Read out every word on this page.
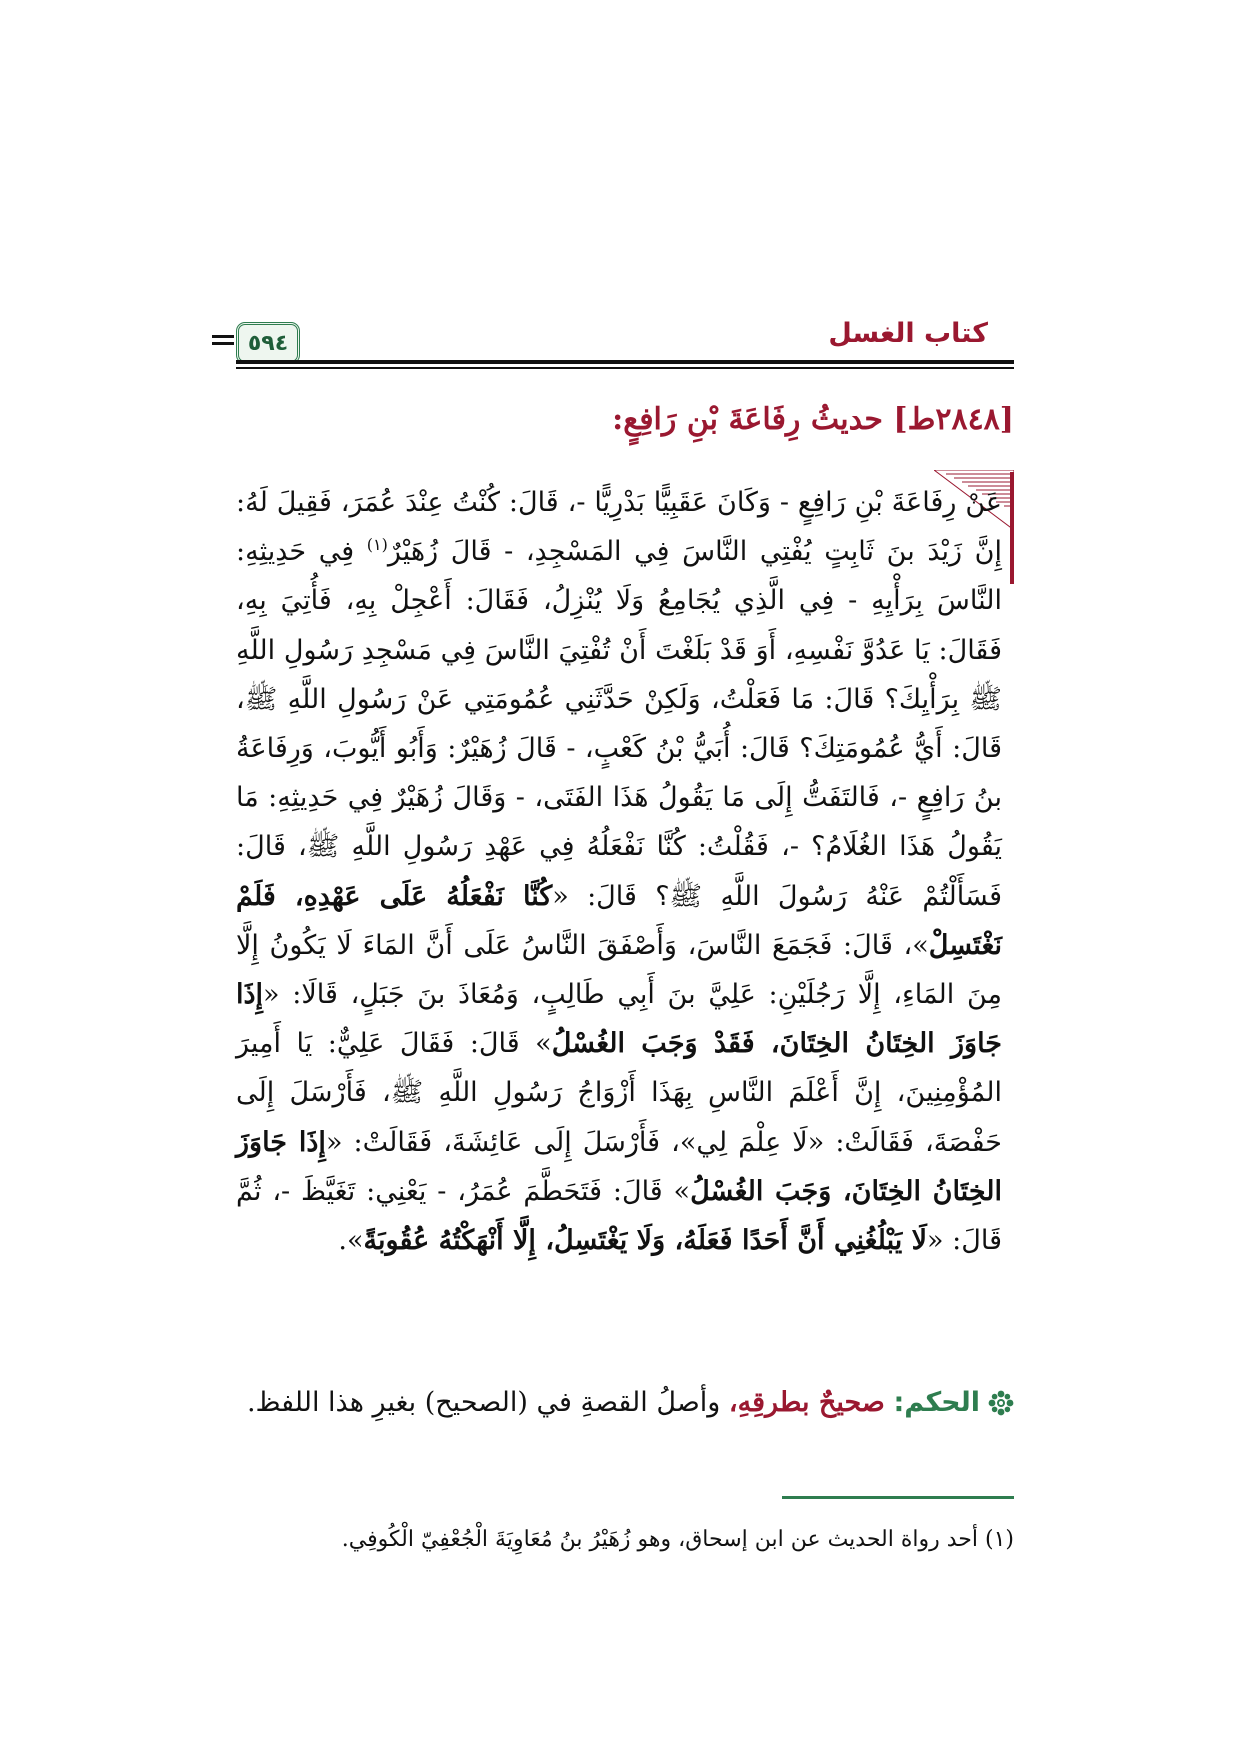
٥٩٤	كتاب الغسل
[٢٨٤٨ط] حديثُ رِفَاعَةَ بْنِ رَافِعٍ:
عَنْ رِفَاعَةَ بْنِ رَافِعٍ - وَكَانَ عَقَبِيًّا بَدْرِيًّا -، قَالَ: كُنْتُ عِنْدَ عُمَرَ، فَقِيلَ لَهُ: إِنَّ زَيْدَ بنَ ثَابِتٍ يُفْتِي النَّاسَ فِي المَسْجِدِ، - قَالَ زُهَيْرٌ$^{(١)}$ فِي حَدِيثِهِ: النَّاسَ بِرَأْيِهِ - فِي الَّذِي يُجَامِعُ وَلَا يُنْزِلُ، فَقَالَ: أَعْجِلْ بِهِ، فَأُتِيَ بِهِ، فَقَالَ: يَا عَدُوَّ نَفْسِهِ، أَوَ قَدْ بَلَغْتَ أَنْ تُفْتِيَ النَّاسَ فِي مَسْجِدِ رَسُولِ اللَّهِ ﷺ بِرَأْيِكَ؟ قَالَ: مَا فَعَلْتُ، وَلَكِنْ حَدَّثَنِي عُمُومَتِي عَنْ رَسُولِ اللَّهِ ﷺ، قَالَ: أَيُّ عُمُومَتِكَ؟ قَالَ: أُبَيُّ بْنُ كَعْبٍ، - قَالَ زُهَيْرٌ: وَأَبُو أَيُّوبَ، وَرِفَاعَةُ بنُ رَافِعٍ -، فَالتَفَتُّ إِلَى مَا يَقُولُ هَذَا الفَتَى، - وَقَالَ زُهَيْرٌ فِي حَدِيثِهِ: مَا يَقُولُ هَذَا الغُلَامُ؟ -، فَقُلْتُ: كُنَّا نَفْعَلُهُ فِي عَهْدِ رَسُولِ اللَّهِ ﷺ، قَالَ: فَسَأَلْتُمْ عَنْهُ رَسُولَ اللَّهِ ﷺ؟ قَالَ: «كُنَّا نَفْعَلُهُ عَلَى عَهْدِهِ، فَلَمْ نَغْتَسِلْ»، قَالَ: فَجَمَعَ النَّاسَ، وَأَصْفَقَ النَّاسُ عَلَى أَنَّ المَاءَ لَا يَكُونُ إِلَّا مِنَ المَاءِ، إِلَّا رَجُلَيْنِ: عَلِيَّ بنَ أَبِي طَالِبٍ، وَمُعَاذَ بنَ جَبَلٍ، قَالَا: «إِذَا جَاوَزَ الخِتَانُ الخِتَانَ، فَقَدْ وَجَبَ الغُسْلُ» قَالَ: فَقَالَ عَلِيٌّ: يَا أَمِيرَ المُؤْمِنِينَ، إِنَّ أَعْلَمَ النَّاسِ بِهَذَا أَزْوَاجُ رَسُولِ اللَّهِ ﷺ، فَأَرْسَلَ إِلَى حَفْصَةَ، فَقَالَتْ: «لَا عِلْمَ لِي»، فَأَرْسَلَ إِلَى عَائِشَةَ، فَقَالَتْ: «إِذَا جَاوَزَ الخِتَانُ الخِتَانَ، وَجَبَ الغُسْلُ» قَالَ: فَتَحَطَّمَ عُمَرُ، - يَعْنِي: تَغَيَّظَ -، ثُمَّ قَالَ: «لَا يَبْلُغُنِي أَنَّ أَحَدًا فَعَلَهُ، وَلَا يَغْتَسِلُ، إِلَّا أَنْهَكْتُهُ عُقُوبَةً».
الحكم: صحيحٌ بطرقِهِ، وأصلُ القصةِ في (الصحيح) بغيرِ هذا اللفظ.
(١) أحد رواة الحديث عن ابن إسحاق، وهو زُهَيْرُ بنُ مُعَاوِيَةَ الْجُعْفِيّ الْكُوفِي.
